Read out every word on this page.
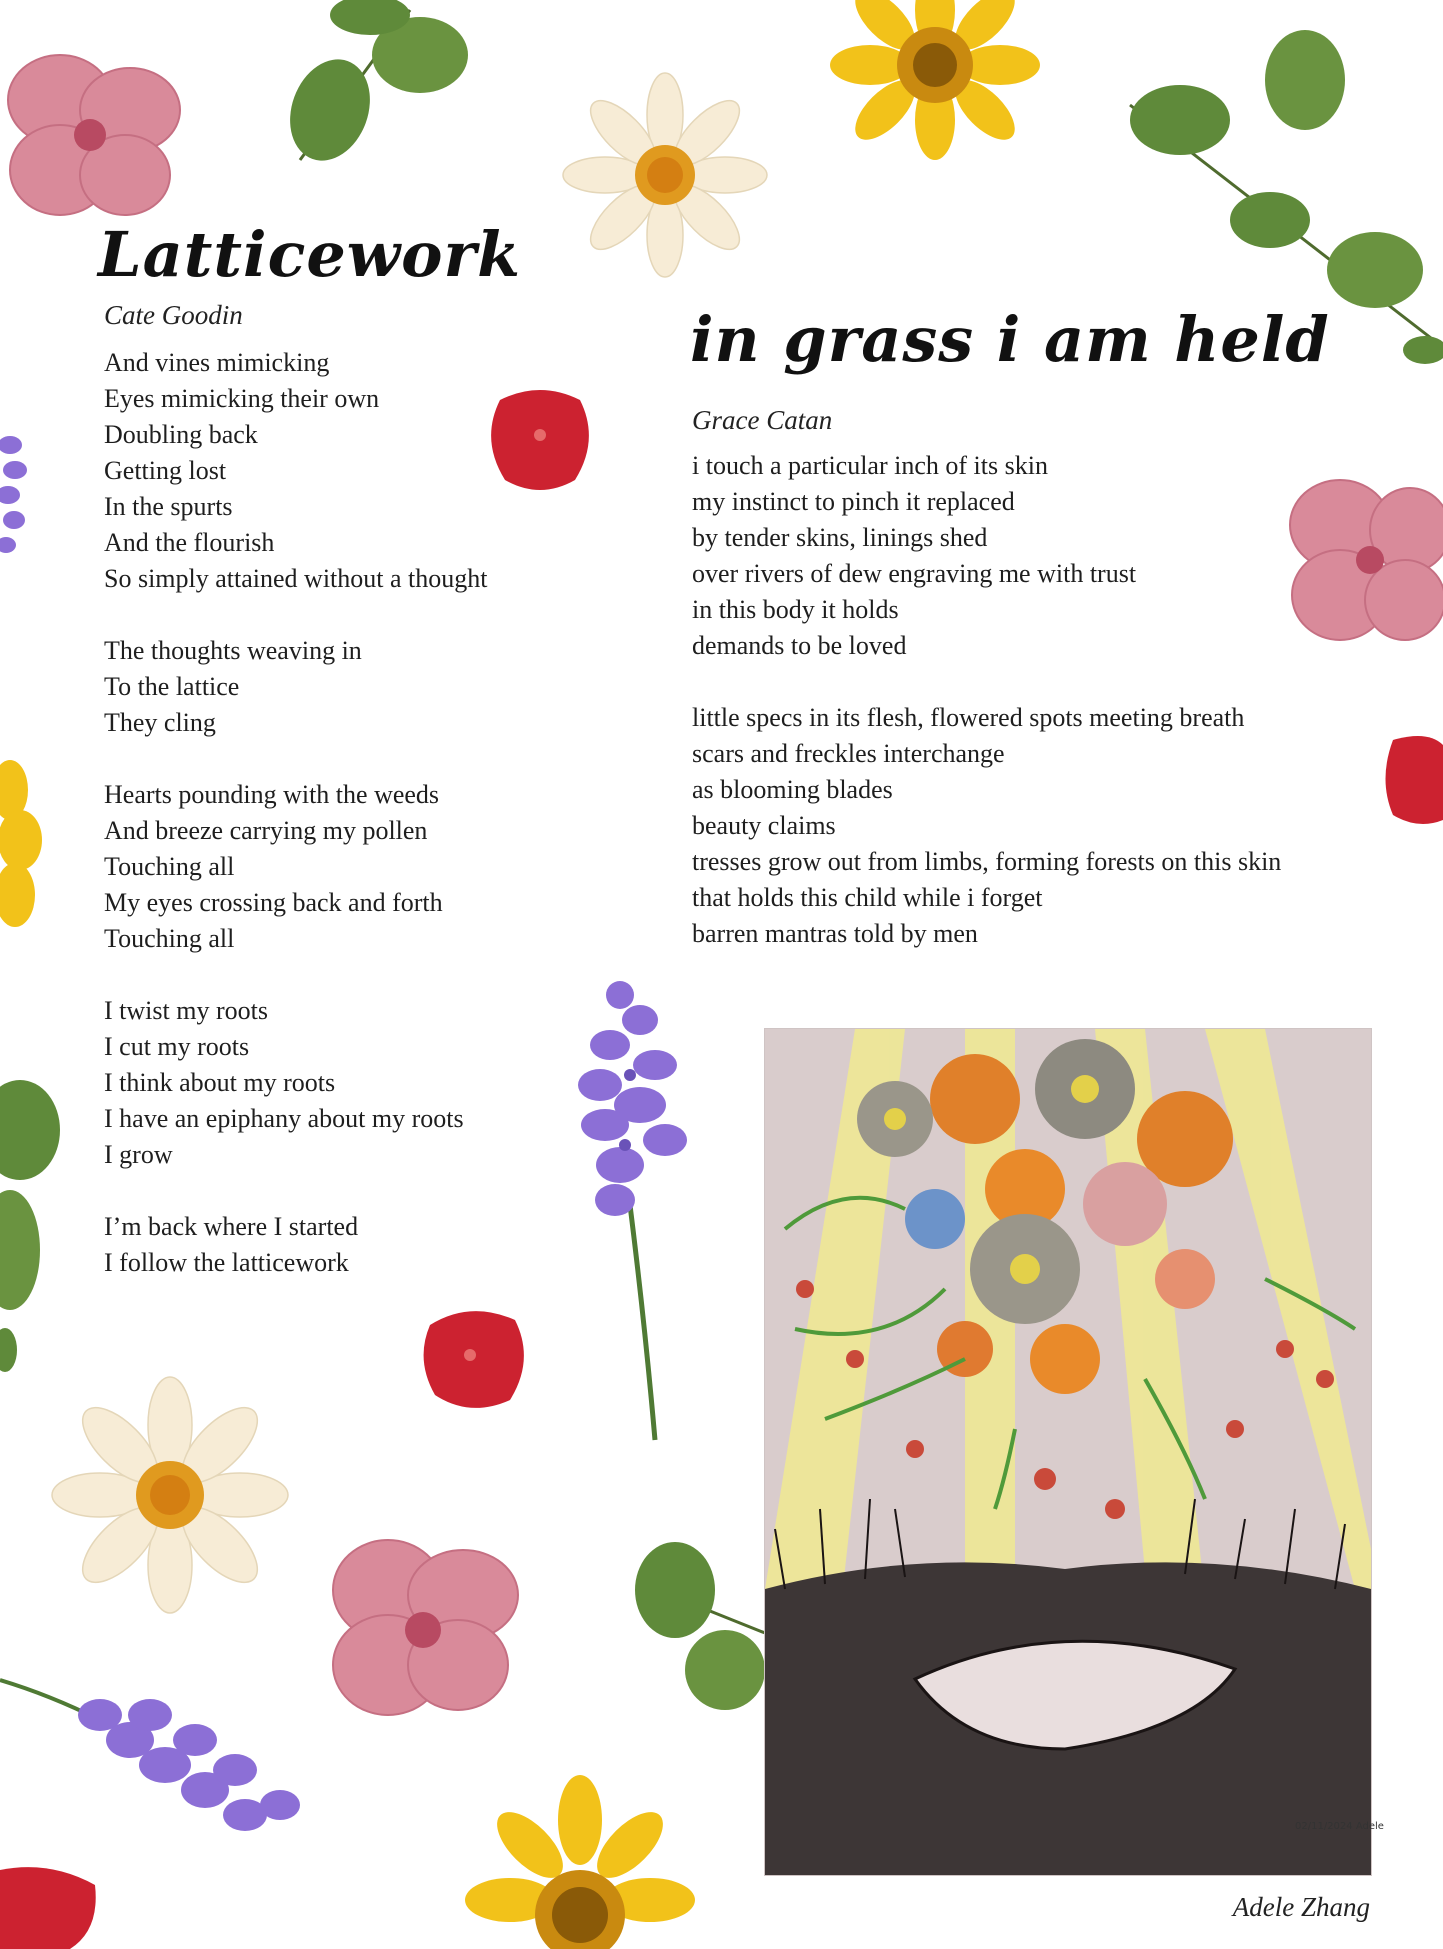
Latticework

Cate Goodin

And vines mimicking
Eyes mimicking their own
Doubling back
Getting lost
In the spurts
And the flourish
So simply attained without a thought
The thoughts weaving in
To the lattice
They cling
Hearts pounding with the weeds
And breeze carrying my pollen
Touching all
My eyes crossing back and forth
Touching all
I twist my roots
I cut my roots
I think about my roots
I have an epiphany about my roots
I grow
I’m back where I started
I follow the latticework
in grass i am held

Grace Catan

i touch a particular inch of its skin
my instinct to pinch it replaced
by tender skins, linings shed
over rivers of dew engraving me with trust
in this body it holds
demands to be loved
little specs in its flesh, flowered spots meeting breath
scars and freckles interchange
as blooming blades
beauty claims
tresses grow out from limbs, forming forests on this skin
that holds this child while i forget
barren mantras told by men
02/11/2024 Adele
Adele Zhang
